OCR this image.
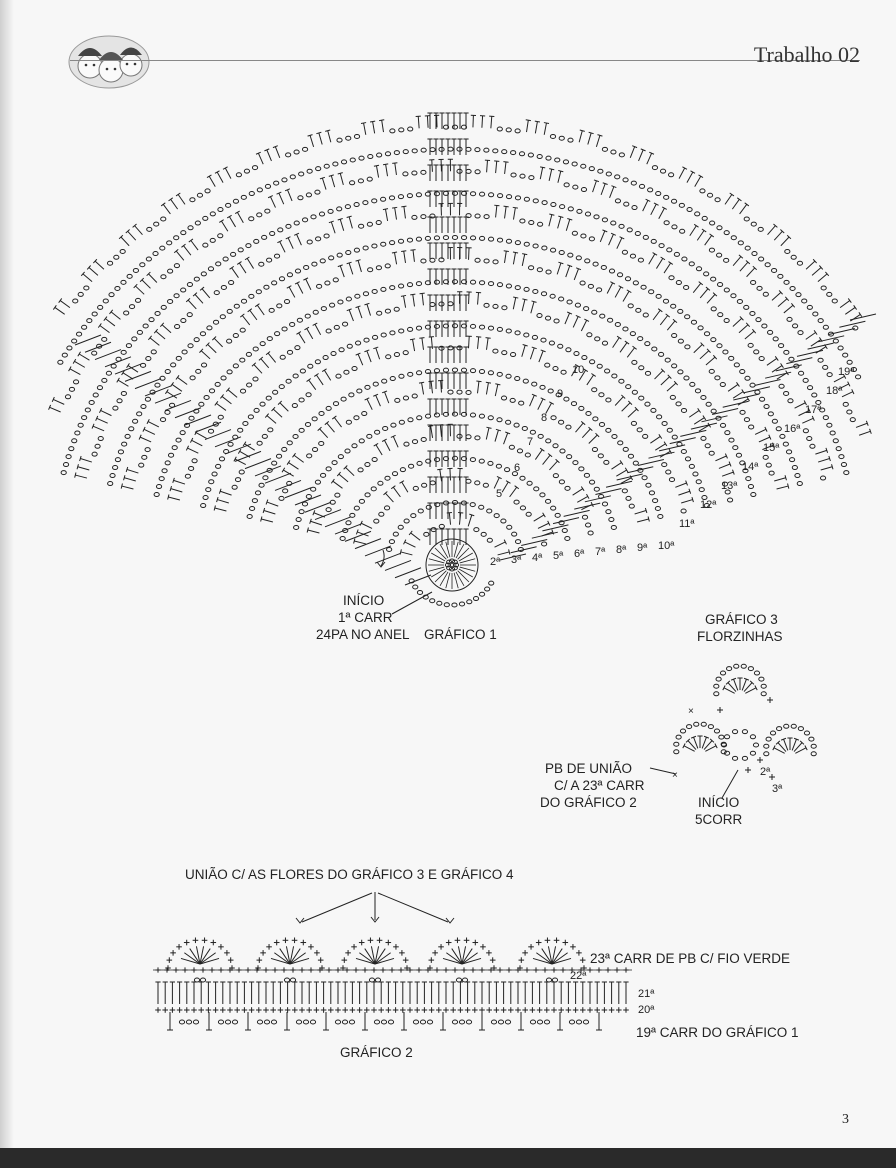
Trabalho 02
×
×
INÍCIO
1ª CARR
24PA NO ANEL GRÁFICO 1
5
6
7
8
9
10
2ª 3ª 4ª 5ª 6ª 7ª 8ª 9ª 10ª
11ª
12ª
13ª
14ª
15ª
16ª
17ª
18ª
19ª
GRÁFICO 3
FLORZINHAS
PB DE UNIÃO
C/ A 23ª CARR
DO GRÁFICO 2	INÍCIO
5CORR
2ª
3ª
UNIÃO C/ AS FLORES DO GRÁFICO 3 E GRÁFICO 4
23ª CARR DE PB C/ FIO VERDE
22ª
21ª
20ª
19ª CARR DO GRÁFICO 1
GRÁFICO 2
3
